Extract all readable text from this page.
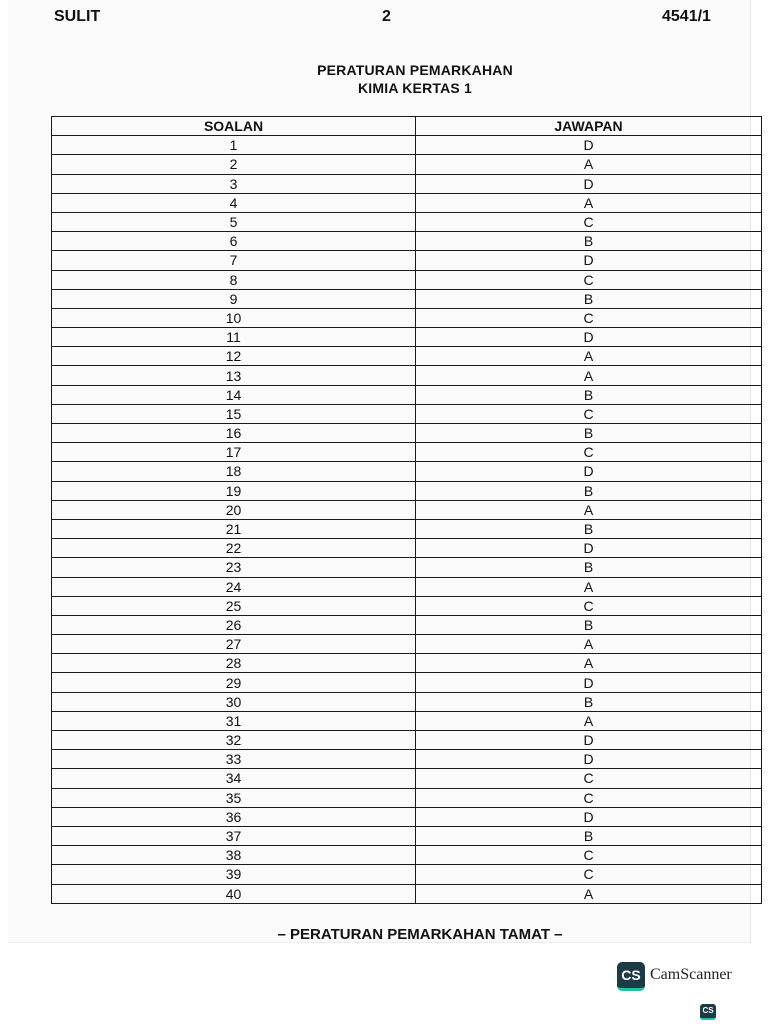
SULIT	2	4541/1
PERATURAN PEMARKAHAN
KIMIA KERTAS 1
SOALAN	JAWAPAN
1	D
2	A
3	D
4	A
5	C
6	B
7	D
8	C
9	B
10	C
11	D
12	A
13	A
14	B
15	C
16	B
17	C
18	D
19	B
20	A
21	B
22	D
23	B
24	A
25	C
26	B
27	A
28	A
29	D
30	B
31	A
32	D
33	D
34	C
35	C
36	D
37	B
38	C
39	C
40	A
– PERATURAN PEMARKAHAN TAMAT –
CS CamScanner
CS
